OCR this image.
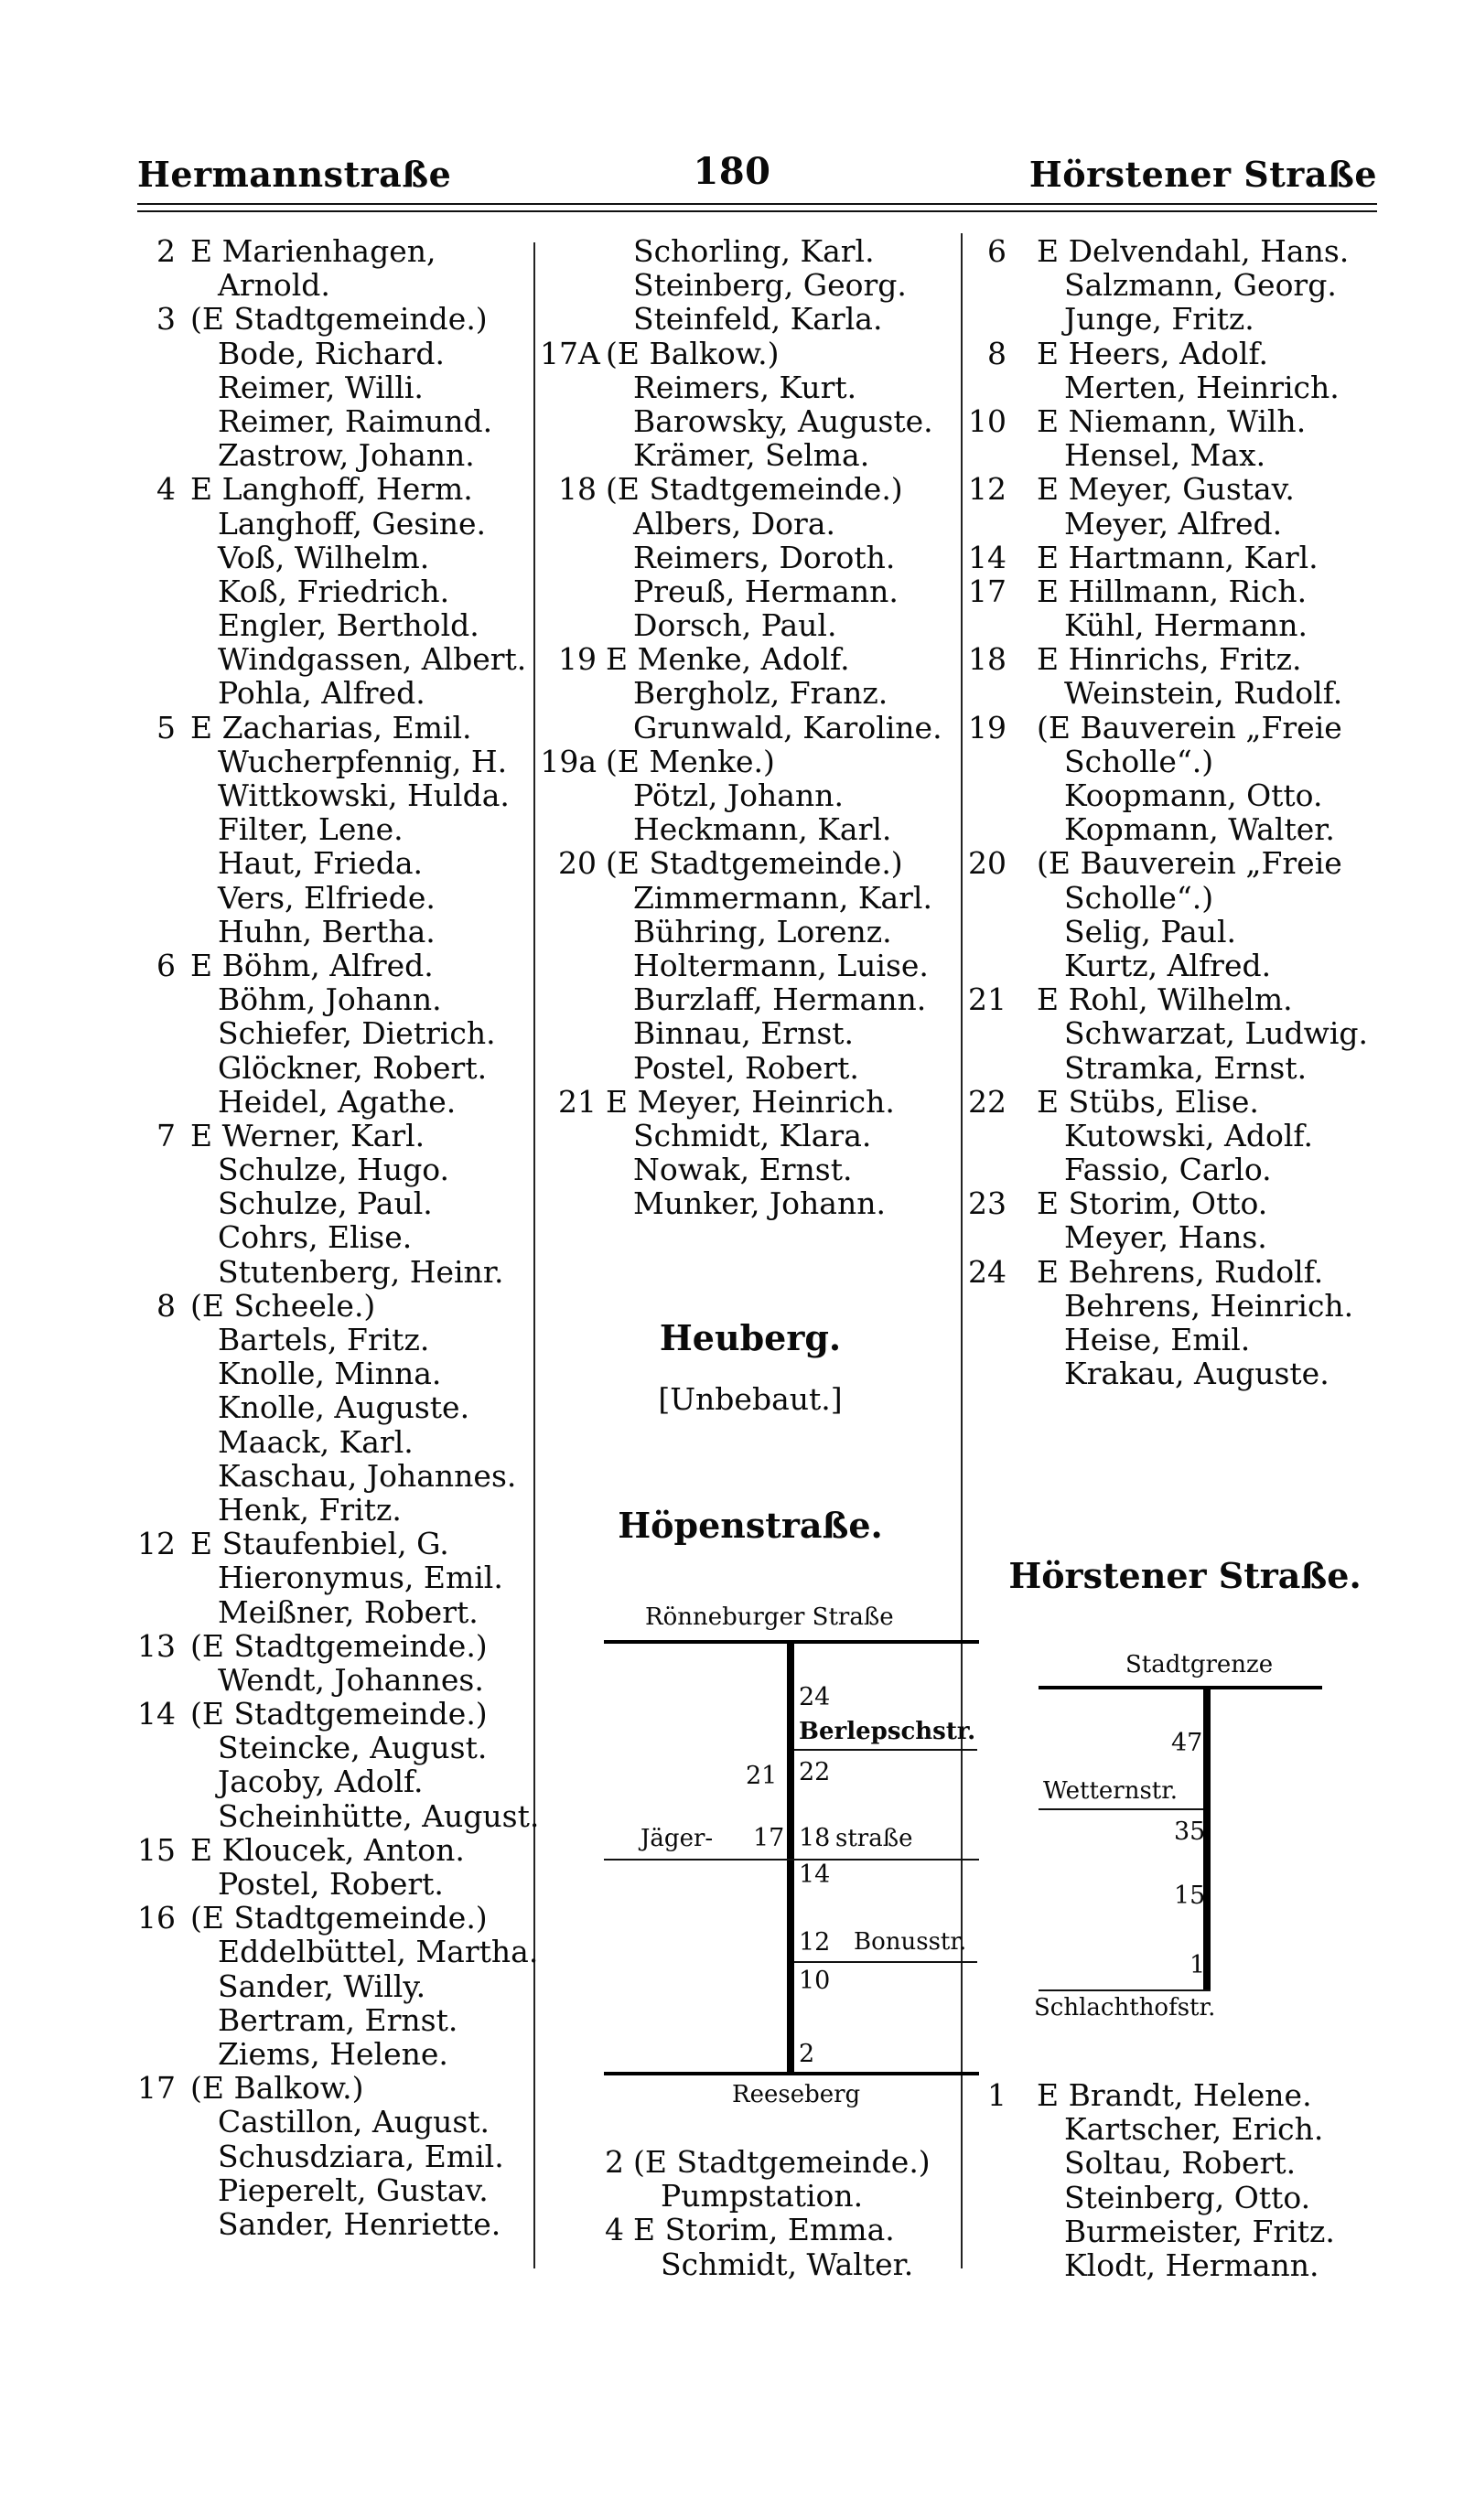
Hermannstraße	180	Hörstener Straße
2 E Marienhagen,
Arnold.
3 (E Stadtgemeinde.)
Bode, Richard.
Reimer, Willi.
Reimer, Raimund.
Zastrow, Johann.
4 E Langhoff, Herm.
Langhoff, Gesine.
Voß, Wilhelm.
Koß, Friedrich.
Engler, Berthold.
Windgassen, Albert.
Pohla, Alfred.
5 E Zacharias, Emil.
Wucherpfennig, H.
Wittkowski, Hulda.
Filter, Lene.
Haut, Frieda.
Vers, Elfriede.
Huhn, Bertha.
6 E Böhm, Alfred.
Böhm, Johann.
Schiefer, Dietrich.
Glöckner, Robert.
Heidel, Agathe.
7 E Werner, Karl.
Schulze, Hugo.
Schulze, Paul.
Cohrs, Elise.
Stutenberg, Heinr.
8 (E Scheele.)
Bartels, Fritz.
Knolle, Minna.
Knolle, Auguste.
Maack, Karl.
Kaschau, Johannes.
Henk, Fritz.
12 E Staufenbiel, G.
Hieronymus, Emil.
Meißner, Robert.
13 (E Stadtgemeinde.)
Wendt, Johannes.
14 (E Stadtgemeinde.)
Steincke, August.
Jacoby, Adolf.
Scheinhütte, August.
15 E Kloucek, Anton.
Postel, Robert.
16 (E Stadtgemeinde.)
Eddelbüttel, Martha.
Sander, Willy.
Bertram, Ernst.
Ziems, Helene.
17 (E Balkow.)
Castillon, August.
Schusdziara, Emil.
Pieperelt, Gustav.
Sander, Henriette.
Schorling, Karl.
Steinberg, Georg.
Steinfeld, Karla.
17A (E Balkow.)
Reimers, Kurt.
Barowsky, Auguste.
Krämer, Selma.
18 (E Stadtgemeinde.)
Albers, Dora.
Reimers, Doroth.
Preuß, Hermann.
Dorsch, Paul.
19 E Menke, Adolf.
Bergholz, Franz.
Grunwald, Karoline.
19a (E Menke.)
Pötzl, Johann.
Heckmann, Karl.
20 (E Stadtgemeinde.)
Zimmermann, Karl.
Bühring, Lorenz.
Holtermann, Luise.
Burzlaff, Hermann.
Binnau, Ernst.
Postel, Robert.
21 E Meyer, Heinrich.
Schmidt, Klara.
Nowak, Ernst.
Munker, Johann.
Heuberg.
[Unbebaut.]
Höpenstraße.
Rönneburger Straße
24
Berlepschstr.
21 22
Jäger- 17 18 straße
14
12 Bonusstr.
10
2
Reeseberg
2 (E Stadtgemeinde.)
Pumpstation.
4 E Storim, Emma.
Schmidt, Walter.
6 E Delvendahl, Hans.
Salzmann, Georg.
Junge, Fritz.
8 E Heers, Adolf.
Merten, Heinrich.
10 E Niemann, Wilh.
Hensel, Max.
12 E Meyer, Gustav.
Meyer, Alfred.
14 E Hartmann, Karl.
17 E Hillmann, Rich.
Kühl, Hermann.
18 E Hinrichs, Fritz.
Weinstein, Rudolf.
19 (E Bauverein „Freie
Scholle“.)
Koopmann, Otto.
Kopmann, Walter.
20 (E Bauverein „Freie
Scholle“.)
Selig, Paul.
Kurtz, Alfred.
21 E Rohl, Wilhelm.
Schwarzat, Ludwig.
Stramka, Ernst.
22 E Stübs, Elise.
Kutowski, Adolf.
Fassio, Carlo.
23 E Storim, Otto.
Meyer, Hans.
24 E Behrens, Rudolf.
Behrens, Heinrich.
Heise, Emil.
Krakau, Auguste.
Hörstener Straße.
Stadtgrenze
47
Wetternstr.
35
15
1
Schlachthofstr.
1 E Brandt, Helene.
Kartscher, Erich.
Soltau, Robert.
Steinberg, Otto.
Burmeister, Fritz.
Klodt, Hermann.
